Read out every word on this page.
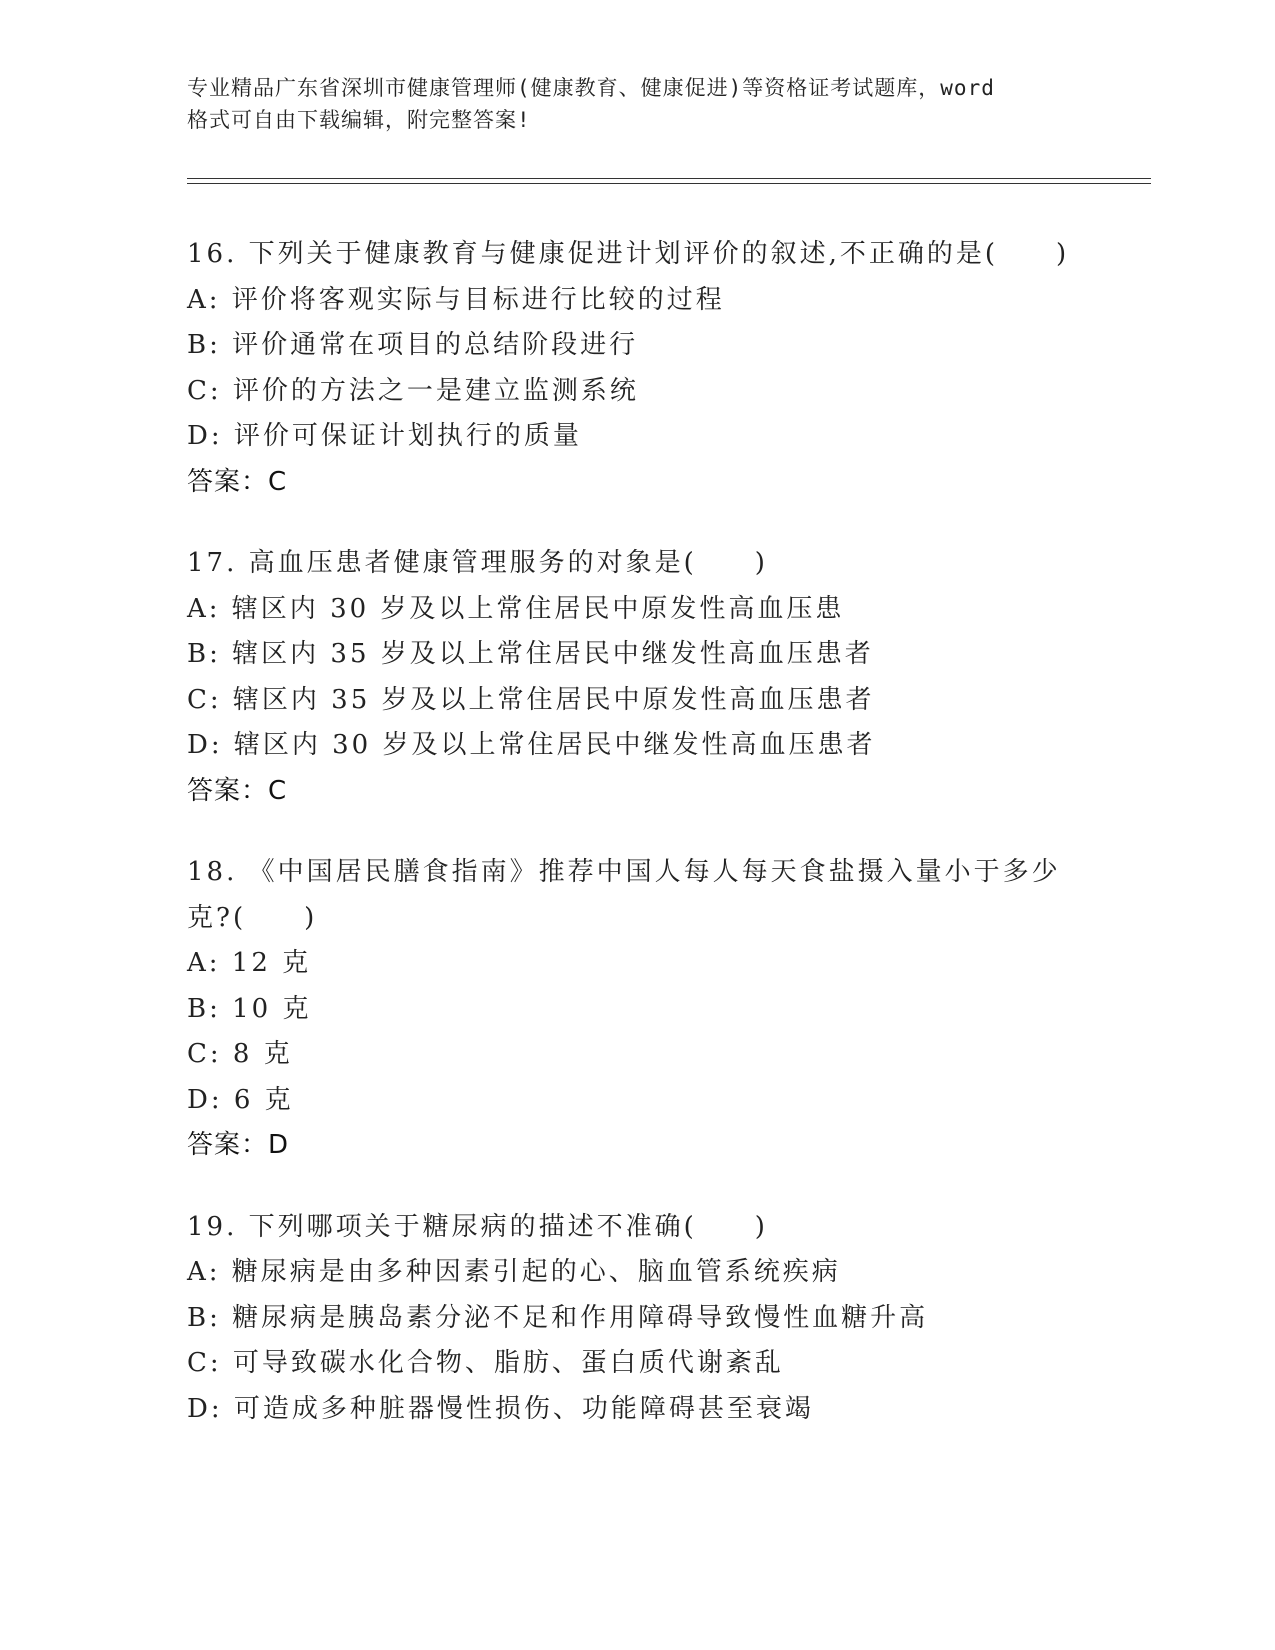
专业精品广东省深圳市健康管理师(健康教育、健康促进)等资格证考试题库，word
格式可自由下载编辑，附完整答案!
16. 下列关于健康教育与健康促进计划评价的叙述,不正确的是(　　)
A: 评价将客观实际与目标进行比较的过程
B: 评价通常在项目的总结阶段进行
C: 评价的方法之一是建立监测系统
D: 评价可保证计划执行的质量
答案：C
17. 高血压患者健康管理服务的对象是(　　)
A: 辖区内 30 岁及以上常住居民中原发性高血压患
B: 辖区内 35 岁及以上常住居民中继发性高血压患者
C: 辖区内 35 岁及以上常住居民中原发性高血压患者
D: 辖区内 30 岁及以上常住居民中继发性高血压患者
答案：C
18. 《中国居民膳食指南》推荐中国人每人每天食盐摄入量小于多少
克?(　　)
A: 12 克
B: 10 克
C: 8 克
D: 6 克
答案：D
19. 下列哪项关于糖尿病的描述不准确(　　)
A: 糖尿病是由多种因素引起的心、脑血管系统疾病
B: 糖尿病是胰岛素分泌不足和作用障碍导致慢性血糖升高
C: 可导致碳水化合物、脂肪、蛋白质代谢紊乱
D: 可造成多种脏器慢性损伤、功能障碍甚至衰竭
